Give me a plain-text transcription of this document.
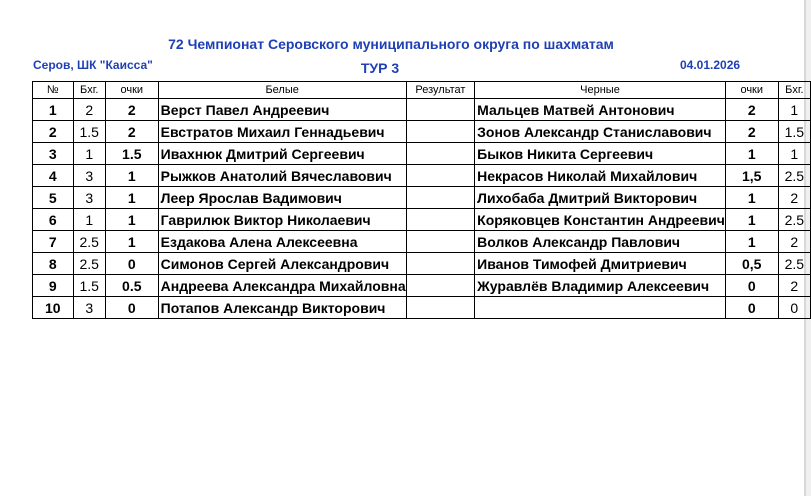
72 Чемпионат Серовского муниципального округа по шахматам
Серов, ШК "Каисса"	ТУР 3	04.01.2026
№	Бхг.	очки	Белые	Результат	Черные	очки	Бхг.
1	2	2	Верст Павел Андреевич		Мальцев Матвей Антонович	2	1
2	1.5	2	Евстратов Михаил Геннадьевич		Зонов Александр Станиславович	2	1.5
3	1	1.5	Ивахнюк Дмитрий Сергеевич		Быков Никита Сергеевич	1	1
4	3	1	Рыжков Анатолий Вячеславович		Некрасов Николай Михайлович	1,5	2.5
5	3	1	Леер Ярослав Вадимович		Лихобаба Дмитрий Викторович	1	2
6	1	1	Гаврилюк Виктор Николаевич		Коряковцев Константин Андреевич	1	2.5
7	2.5	1	Ездакова Алена Алексеевна		Волков Александр Павлович	1	2
8	2.5	0	Симонов Сергей Александрович		Иванов Тимофей Дмитриевич	0,5	2.5
9	1.5	0.5	Андреева Александра Михайловна		Журавлёв Владимир Алексеевич	0	2
10	3	0	Потапов Александр Викторович			0	0
